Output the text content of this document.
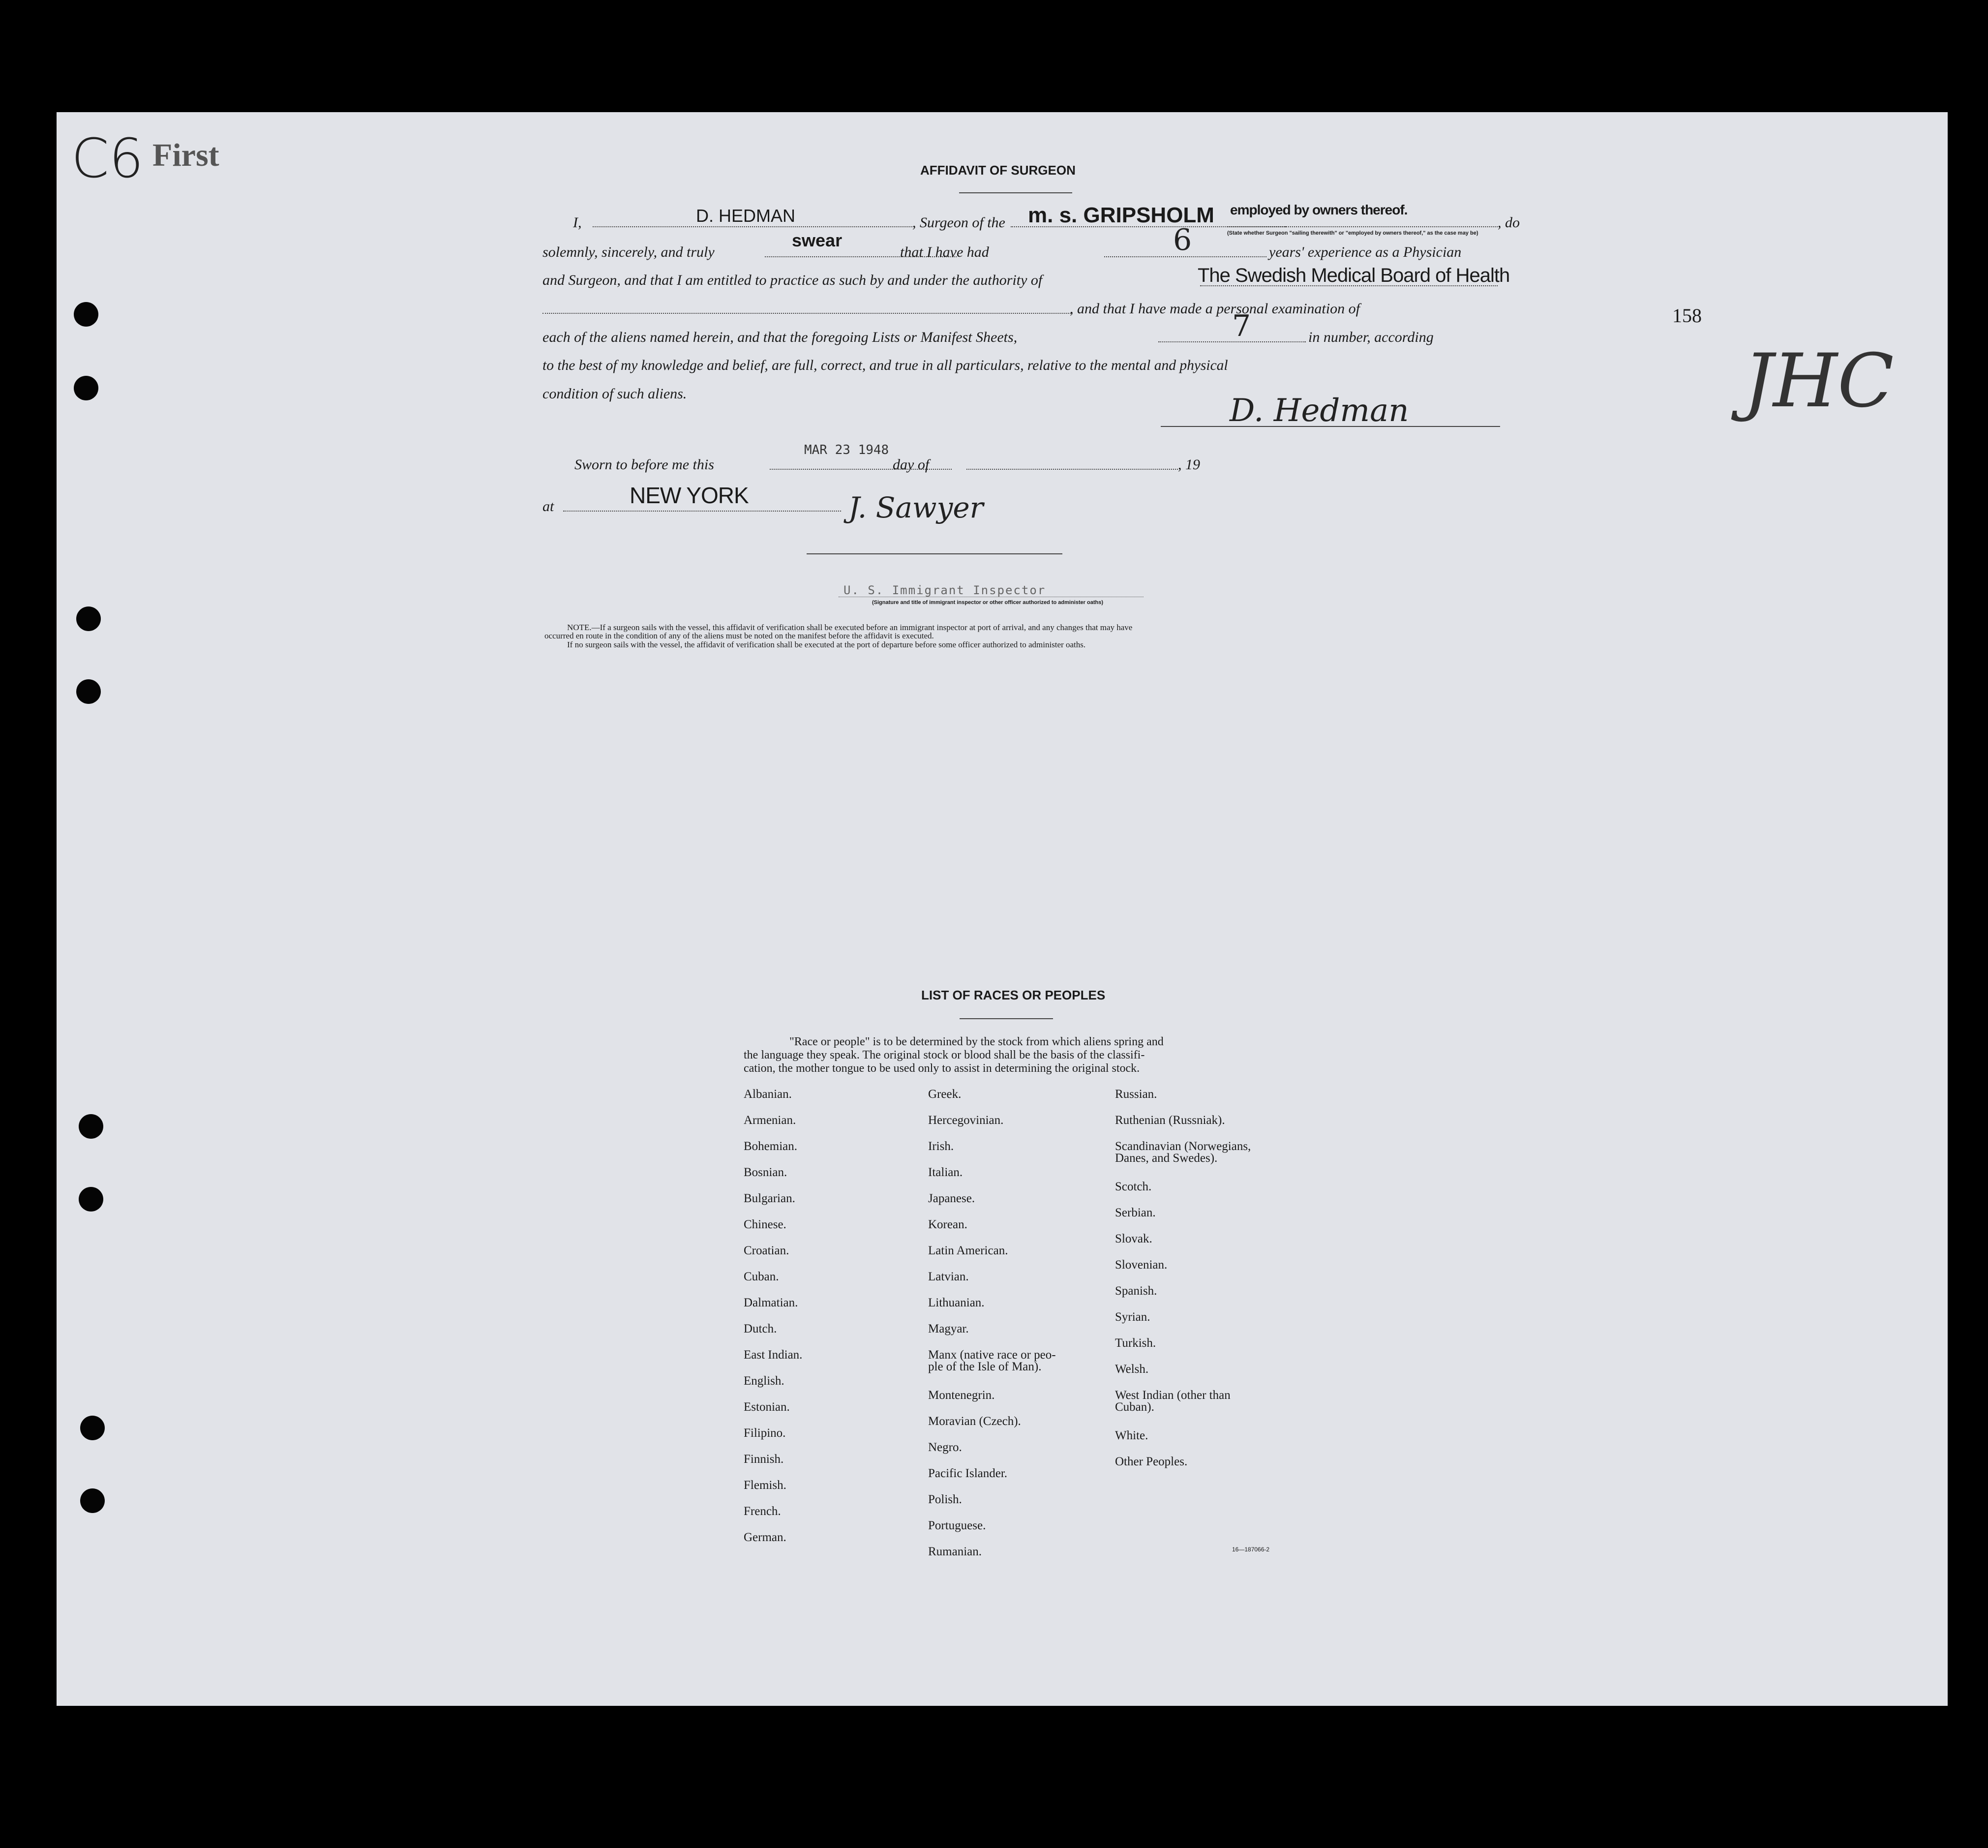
C6 First
158
JHC
AFFIDAVIT OF SURGEON
I,	D. HEDMAN	, Surgeon of the m. s. GRIPSHOLM employed by owners thereof.
, do
(State whether Surgeon "sailing therewith" or "employed by owners thereof," as the case may be)
solemnly, sincerely, and truly
swear
that I have had	6	years' experience as a Physician
and Surgeon, and that I am entitled to practice as such by and under the authority of	The Swedish Medical Board of Health
, and that I have made a personal examination of
each of the aliens named herein, and that the foregoing Lists or Manifest Sheets,	7	in number, according
to the best of my knowledge and belief, are full, correct, and true in all particulars, relative to the mental and physical
condition of such aliens.	D. Hedman
Sworn to before me this
MAR 23 1948
day of	, 19
at	NEW YORK	J. Sawyer
U. S. Immigrant Inspector
(Signature and title of immigrant inspector or other officer authorized to administer oaths)
NOTE.—If a surgeon sails with the vessel, this affidavit of verification shall be executed before an immigrant inspector at port of arrival, and any changes that may have
occurred en route in the condition of any of the aliens must be noted on the manifest before the affidavit is executed.
If no surgeon sails with the vessel, the affidavit of verification shall be executed at the port of departure before some officer authorized to administer oaths.
LIST OF RACES OR PEOPLES
"Race or people" is to be determined by the stock from which aliens spring and
the language they speak. The original stock or blood shall be the basis of the classifi-
cation, the mother tongue to be used only to assist in determining the original stock.
Albanian.
Armenian.
Bohemian.
Bosnian.
Bulgarian.
Chinese.
Croatian.
Cuban.
Dalmatian.
Dutch.
East Indian.
English.
Estonian.
Filipino.
Finnish.
Flemish.
French.
German.
Greek.
Hercegovinian.
Irish.
Italian.
Japanese.
Korean.
Latin American.
Latvian.
Lithuanian.
Magyar.
Manx (native race or peo-
ple of the Isle of Man).
Montenegrin.
Moravian (Czech).
Negro.
Pacific Islander.
Polish.
Portuguese.
Rumanian.
Russian.
Ruthenian (Russniak).
Scandinavian (Norwegians,
Danes, and Swedes).
Scotch.
Serbian.
Slovak.
Slovenian.
Spanish.
Syrian.
Turkish.
Welsh.
West Indian (other than
Cuban).
White.
Other Peoples.
16—187066-2
